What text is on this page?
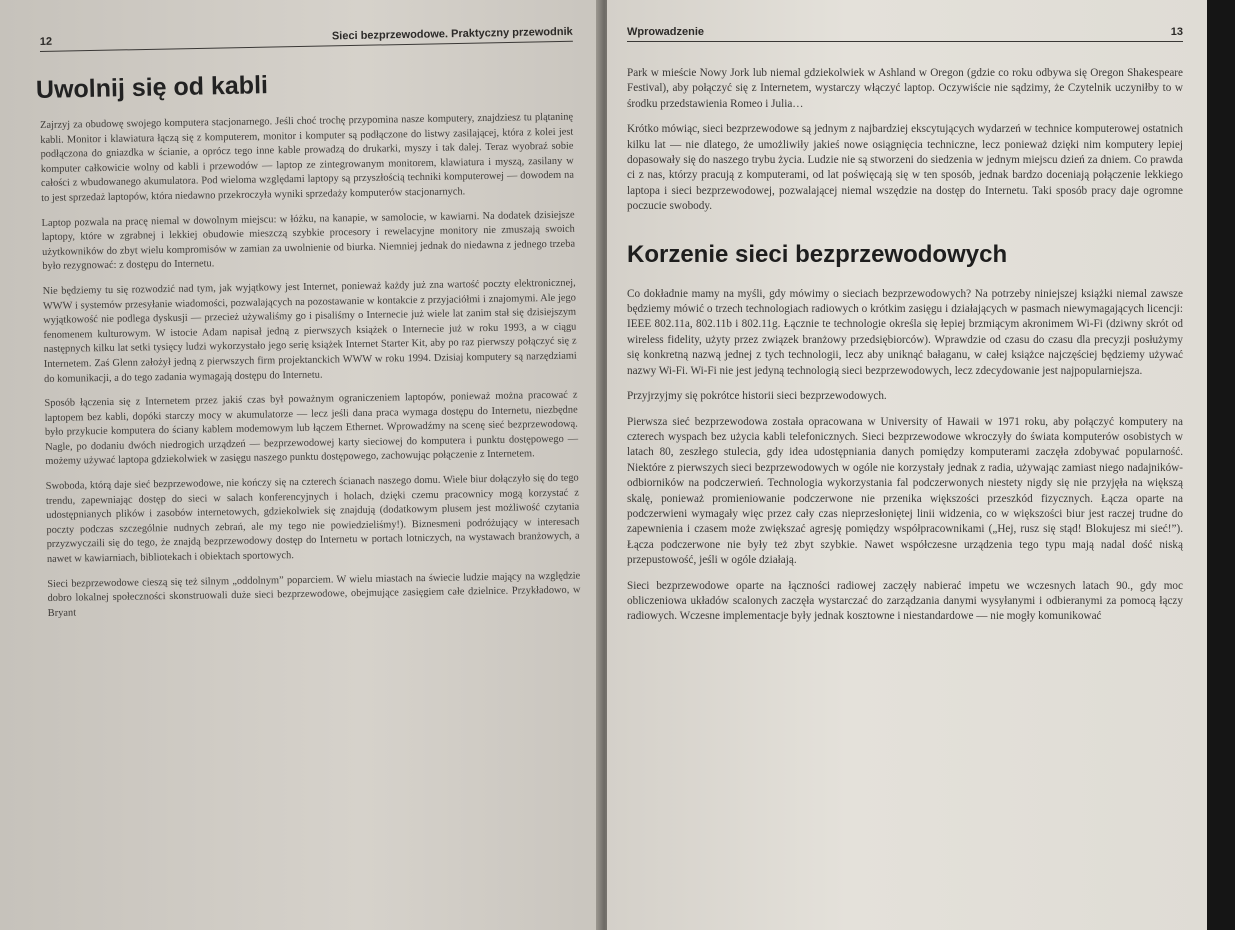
12	Sieci bezprzewodowe. Praktyczny przewodnik
Uwolnij się od kabli

Zajrzyj za obudowę swojego komputera stacjonarnego. Jeśli choć trochę przypomina nasze komputery, znajdziesz tu plątaninę kabli. Monitor i klawiatura łączą się z komputerem, monitor i komputer są podłączone do listwy zasilającej, która z kolei jest podłączona do gniazdka w ścianie, a oprócz tego inne kable prowadzą do drukarki, myszy i tak dalej. Teraz wyobraź sobie komputer całkowicie wolny od kabli i przewodów — laptop ze zintegrowanym monitorem, klawiatura i myszą, zasilany w całości z wbudowanego akumulatora. Pod wieloma względami laptopy są przyszłością techniki komputerowej — dowodem na to jest sprzedaż laptopów, która niedawno przekroczyła wyniki sprzedaży komputerów stacjonarnych.

Laptop pozwala na pracę niemal w dowolnym miejscu: w łóżku, na kanapie, w samolocie, w kawiarni. Na dodatek dzisiejsze laptopy, które w zgrabnej i lekkiej obudowie mieszczą szybkie procesory i rewelacyjne monitory nie zmuszają swoich użytkowników do zbyt wielu kompromisów w zamian za uwolnienie od biurka. Niemniej jednak do niedawna z jednego trzeba było rezygnować: z dostępu do Internetu.

Nie będziemy tu się rozwodzić nad tym, jak wyjątkowy jest Internet, ponieważ każdy już zna wartość poczty elektronicznej, WWW i systemów przesyłanie wiadomości, pozwalających na pozostawanie w kontakcie z przyjaciółmi i znajomymi. Ale jego wyjątkowość nie podlega dyskusji — przecież używaliśmy go i pisaliśmy o Internecie już wiele lat zanim stał się dzisiejszym fenomenem kulturowym. W istocie Adam napisał jedną z pierwszych książek o Internecie już w roku 1993, a w ciągu następnych kilku lat setki tysięcy ludzi wykorzystało jego serię książek Internet Starter Kit, aby po raz pierwszy połączyć się z Internetem. Zaś Glenn założył jedną z pierwszych firm projektanckich WWW w roku 1994. Dzisiaj komputery są narzędziami do komunikacji, a do tego zadania wymagają dostępu do Internetu.

Sposób łączenia się z Internetem przez jakiś czas był poważnym ograniczeniem laptopów, ponieważ można pracować z laptopem bez kabli, dopóki starczy mocy w akumulatorze — lecz jeśli dana praca wymaga dostępu do Internetu, niezbędne było przykucie komputera do ściany kablem modemowym lub łączem Ethernet. Wprowadźmy na scenę sieć bezprzewodową. Nagle, po dodaniu dwóch niedrogich urządzeń — bezprzewodowej karty sieciowej do komputera i punktu dostępowego — możemy używać laptopa gdziekolwiek w zasięgu naszego punktu dostępowego, zachowując połączenie z Internetem.

Swoboda, którą daje sieć bezprzewodowe, nie kończy się na czterech ścianach naszego domu. Wiele biur dołączyło się do tego trendu, zapewniając dostęp do sieci w salach konferencyjnych i holach, dzięki czemu pracownicy mogą korzystać z udostępnianych plików i zasobów internetowych, gdziekolwiek się znajdują (dodatkowym plusem jest możliwość czytania poczty podczas szczególnie nudnych zebrań, ale my tego nie powiedzieliśmy!). Biznesmeni podróżujący w interesach przyzwyczaili się do tego, że znajdą bezprzewodowy dostęp do Internetu w portach lotniczych, na wystawach branżowych, a nawet w kawiarniach, bibliotekach i obiektach sportowych.

Sieci bezprzewodowe cieszą się też silnym „oddolnym” poparciem. W wielu miastach na świecie ludzie mający na względzie dobro lokalnej społeczności skonstruowali duże sieci bezprzewodowe, obejmujące zasięgiem całe dzielnice. Przykładowo, w Bryant

Wprowadzenie	13

Park w mieście Nowy Jork lub niemal gdziekolwiek w Ashland w Oregon (gdzie co roku odbywa się Oregon Shakespeare Festival), aby połączyć się z Internetem, wystarczy włączyć laptop. Oczywiście nie sądzimy, że Czytelnik uczyniłby to w środku przedstawienia Romeo i Julia…

Krótko mówiąc, sieci bezprzewodowe są jednym z najbardziej ekscytujących wydarzeń w technice komputerowej ostatnich kilku lat — nie dlatego, że umożliwiły jakieś nowe osiągnięcia techniczne, lecz ponieważ dzięki nim komputery lepiej dopasowały się do naszego trybu życia. Ludzie nie są stworzeni do siedzenia w jednym miejscu dzień za dniem. Co prawda ci z nas, którzy pracują z komputerami, od lat poświęcają się w ten sposób, jednak bardzo doceniają połączenie lekkiego laptopa i sieci bezprzewodowej, pozwalającej niemal wszędzie na dostęp do Internetu. Taki sposób pracy daje ogromne poczucie swobody.

Korzenie sieci bezprzewodowych

Co dokładnie mamy na myśli, gdy mówimy o sieciach bezprzewodowych? Na potrzeby niniejszej książki niemal zawsze będziemy mówić o trzech technologiach radiowych o krótkim zasięgu i działających w pasmach niewymagających licencji: IEEE 802.11a, 802.11b i 802.11g. Łącznie te technologie określa się łepiej brzmiącym akronimem Wi-Fi (dziwny skrót od wireless fidelity, użyty przez związek branżowy przedsiębiorców). Wprawdzie od czasu do czasu dla precyzji posłużymy się konkretną nazwą jednej z tych technologii, lecz aby uniknąć bałaganu, w całej książce najczęściej będziemy używać nazwy Wi-Fi. Wi-Fi nie jest jedyną technologią sieci bezprzewodowych, lecz zdecydowanie jest najpopularniejsza.

Przyjrzyjmy się pokrótce historii sieci bezprzewodowych.

Pierwsza sieć bezprzewodowa została opracowana w University of Hawaii w 1971 roku, aby połączyć komputery na czterech wyspach bez użycia kabli telefonicznych. Sieci bezprzewodowe wkroczyły do świata komputerów osobistych w latach 80, zeszłego stulecia, gdy idea udostępniania danych pomiędzy komputerami zaczęła zdobywać popularność. Niektóre z pierwszych sieci bezprzewodowych w ogóle nie korzystały jednak z radia, używając zamiast niego nadajników-odbiorników na podczerwień. Technologia wykorzystania fal podczerwonych niestety nigdy się nie przyjęła na większą skalę, ponieważ promieniowanie podczerwone nie przenika większości przeszkód fizycznych. Łącza oparte na podczerwieni wymagały więc przez cały czas nieprzesłoniętej linii widzenia, co w większości biur jest raczej trudne do zapewnienia i czasem może zwiększać agresję pomiędzy współpracownikami („Hej, rusz się stąd! Blokujesz mi sieć!”). Łącza podczerwone nie były też zbyt szybkie. Nawet współczesne urządzenia tego typu mają nadal dość niską przepustowość, jeśli w ogóle działają.

Sieci bezprzewodowe oparte na łączności radiowej zaczęły nabierać impetu we wczesnych latach 90., gdy moc obliczeniowa układów scalonych zaczęła wystarczać do zarządzania danymi wysyłanymi i odbieranymi za pomocą łączy radiowych. Wczesne implementacje były jednak kosztowne i niestandardowe — nie mogły komunikować
